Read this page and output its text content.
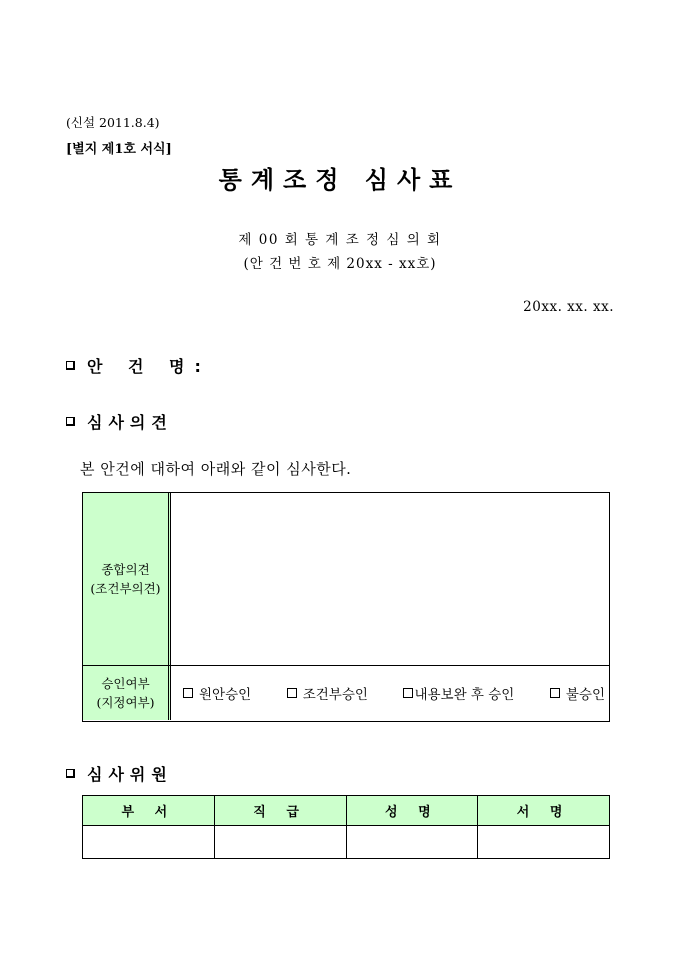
(신설 2011.8.4)
[별지 제1호 서식]
통계조정 심사표
제 00 회 통 계 조 정 심 의 회
(안 건 번 호 제 20xx - xx호)
20xx. xx. xx.
안 건 명:
심사의견
본 안건에 대하여 아래와 같이 심사한다.
종합의견
(조건부의견)
승인여부
(지정여부)	원안승인	조건부승인	내용보완 후 승인	불승인
심사위원
부 서	직 급	성 명	서 명
